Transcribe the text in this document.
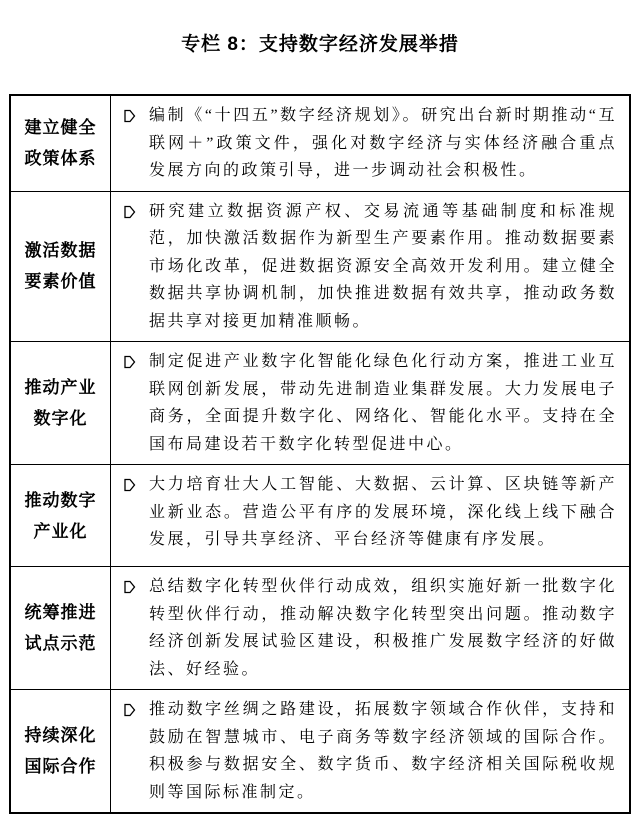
专栏 8：支持数字经济发展举措
建立健全
政策体系
编制《“十四五”数字经济规划》。研究出台新时期推动“互联网＋”政策文件，强化对数字经济与实体经济融合重点发展方向的政策引导，进一步调动社会积极性。
激活数据
要素价值
研究建立数据资源产权、交易流通等基础制度和标准规范，加快激活数据作为新型生产要素作用。推动数据要素市场化改革，促进数据资源安全高效开发利用。建立健全数据共享协调机制，加快推进数据有效共享，推动政务数据共享对接更加精准顺畅。
推动产业
数字化
制定促进产业数字化智能化绿色化行动方案，推进工业互联网创新发展，带动先进制造业集群发展。大力发展电子商务，全面提升数字化、网络化、智能化水平。支持在全国布局建设若干数字化转型促进中心。
推动数字
产业化
大力培育壮大人工智能、大数据、云计算、区块链等新产业新业态。营造公平有序的发展环境，深化线上线下融合发展，引导共享经济、平台经济等健康有序发展。
统筹推进
试点示范
总结数字化转型伙伴行动成效，组织实施好新一批数字化转型伙伴行动，推动解决数字化转型突出问题。推动数字经济创新发展试验区建设，积极推广发展数字经济的好做法、好经验。
持续深化
国际合作
推动数字丝绸之路建设，拓展数字领域合作伙伴，支持和鼓励在智慧城市、电子商务等数字经济领域的国际合作。积极参与数据安全、数字货币、数字经济相关国际税收规则等国际标准制定。
